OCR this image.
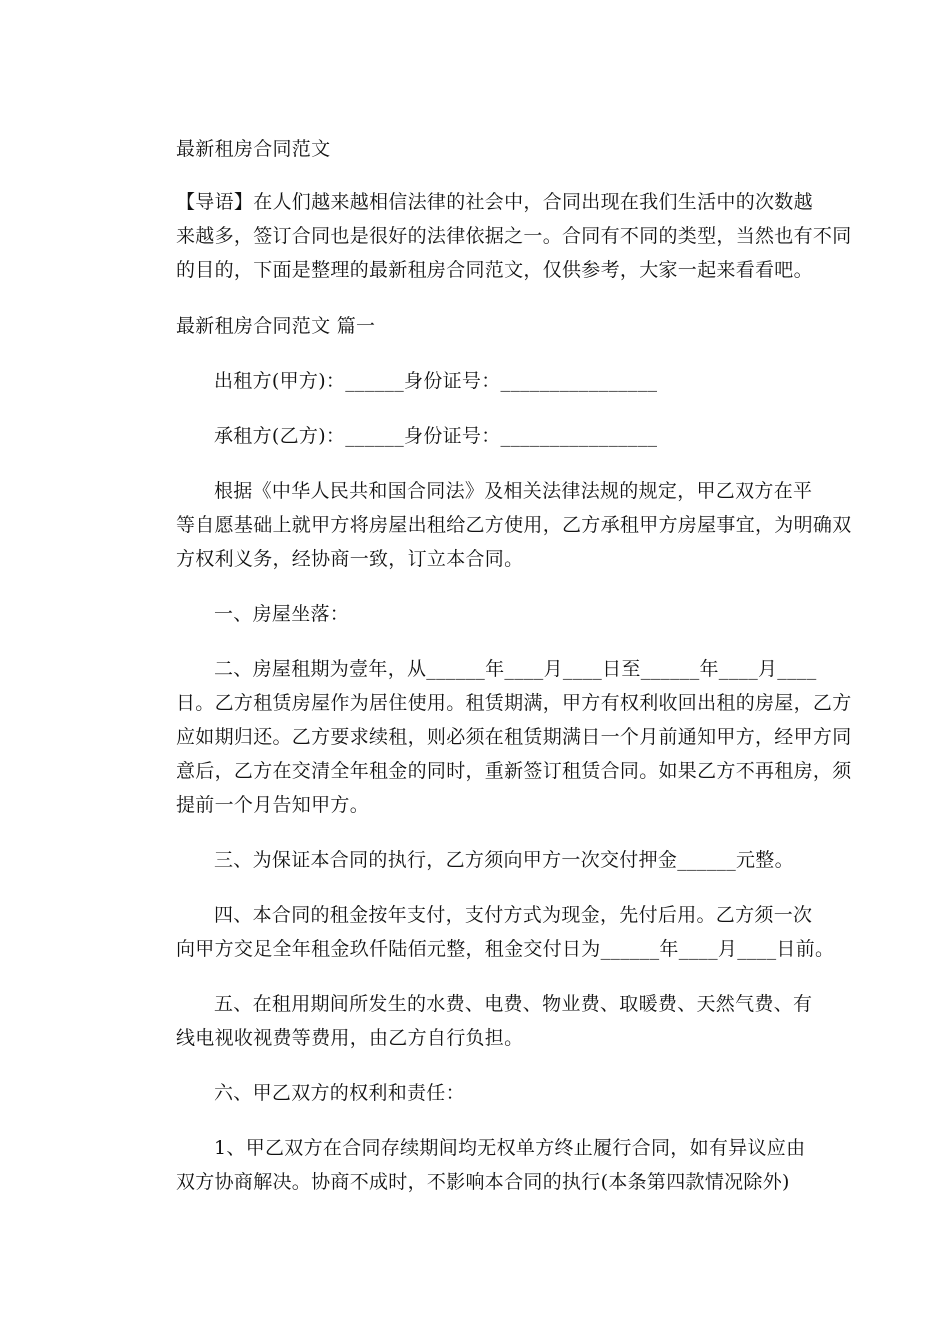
最新租房合同范文
【导语】在人们越来越相信法律的社会中，合同出现在我们生活中的次数越
来越多，签订合同也是很好的法律依据之一。合同有不同的类型，当然也有不同
的目的，下面是整理的最新租房合同范文，仅供参考，大家一起来看看吧。
最新租房合同范文 篇一
出租方(甲方)：______身份证号：________________
承租方(乙方)：______身份证号：________________
根据《中华人民共和国合同法》及相关法律法规的规定，甲乙双方在平
等自愿基础上就甲方将房屋出租给乙方使用，乙方承租甲方房屋事宜，为明确双
方权利义务，经协商一致，订立本合同。
一、房屋坐落：
二、房屋租期为壹年，从______年____月____日至______年____月____
日。乙方租赁房屋作为居住使用。租赁期满，甲方有权利收回出租的房屋，乙方
应如期归还。乙方要求续租，则必须在租赁期满日一个月前通知甲方，经甲方同
意后，乙方在交清全年租金的同时，重新签订租赁合同。如果乙方不再租房，须
提前一个月告知甲方。
三、为保证本合同的执行，乙方须向甲方一次交付押金______元整。
四、本合同的租金按年支付，支付方式为现金，先付后用。乙方须一次
向甲方交足全年租金玖仟陆佰元整，租金交付日为______年____月____日前。
五、在租用期间所发生的水费、电费、物业费、取暖费、天然气费、有
线电视收视费等费用，由乙方自行负担。
六、甲乙双方的权利和责任：
1、甲乙双方在合同存续期间均无权单方终止履行合同，如有异议应由
双方协商解决。协商不成时，不影响本合同的执行(本条第四款情况除外)
